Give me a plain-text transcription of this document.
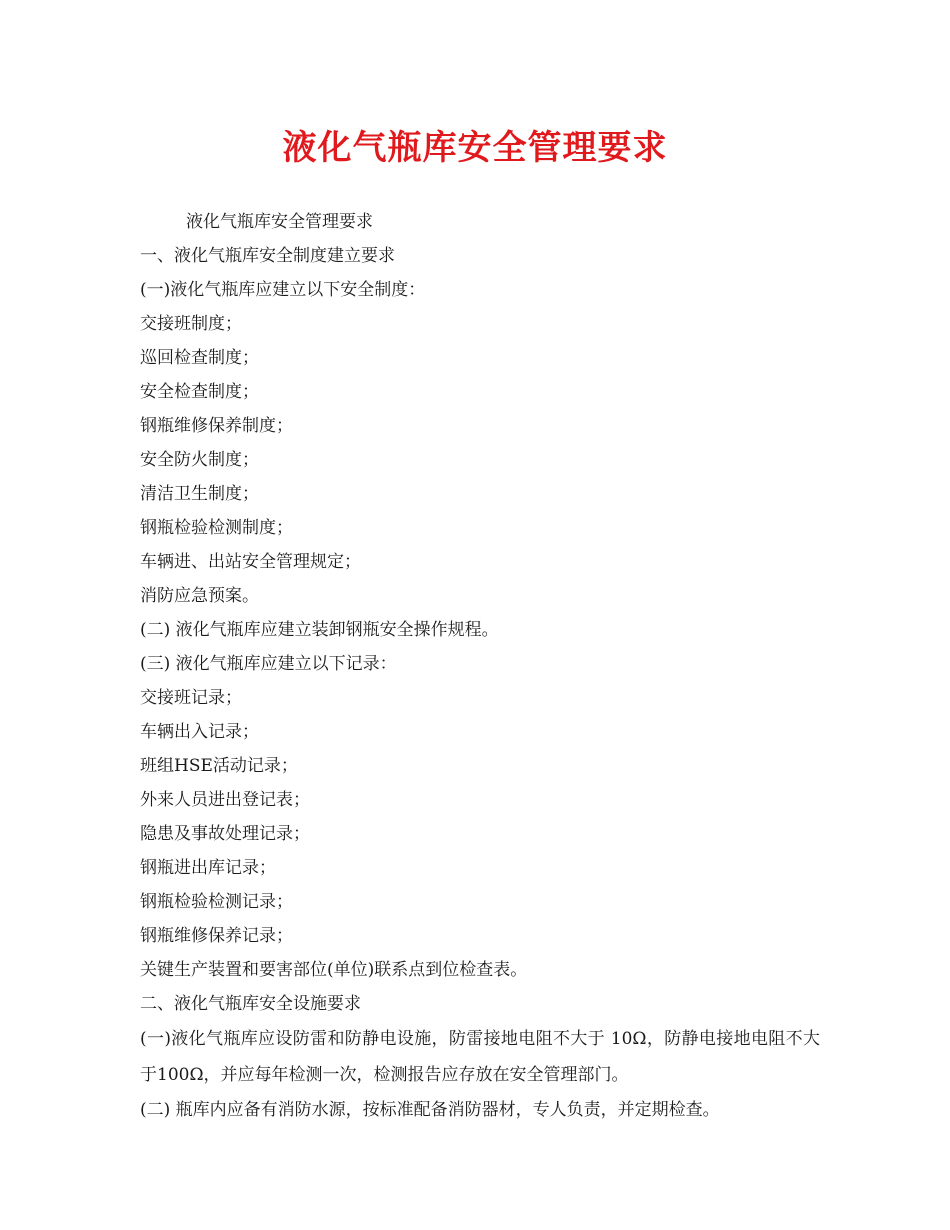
液化气瓶库安全管理要求
液化气瓶库安全管理要求
一、液化气瓶库安全制度建立要求
(一)液化气瓶库应建立以下安全制度：
交接班制度；
巡回检查制度；
安全检查制度；
钢瓶维修保养制度；
安全防火制度；
清洁卫生制度；
钢瓶检验检测制度；
车辆进、出站安全管理规定；
消防应急预案。
(二) 液化气瓶库应建立装卸钢瓶安全操作规程。
(三) 液化气瓶库应建立以下记录：
交接班记录；
车辆出入记录；
班组HSE活动记录；
外来人员进出登记表；
隐患及事故处理记录；
钢瓶进出库记录；
钢瓶检验检测记录；
钢瓶维修保养记录；
关键生产装置和要害部位(单位)联系点到位检查表。
二、液化气瓶库安全设施要求
(一)液化气瓶库应设防雷和防静电设施，防雷接地电阻不大于 10Ω，防静电接地电阻不大于100Ω，并应每年检测一次，检测报告应存放在安全管理部门。
(二) 瓶库内应备有消防水源，按标准配备消防器材，专人负责，并定期检查。
